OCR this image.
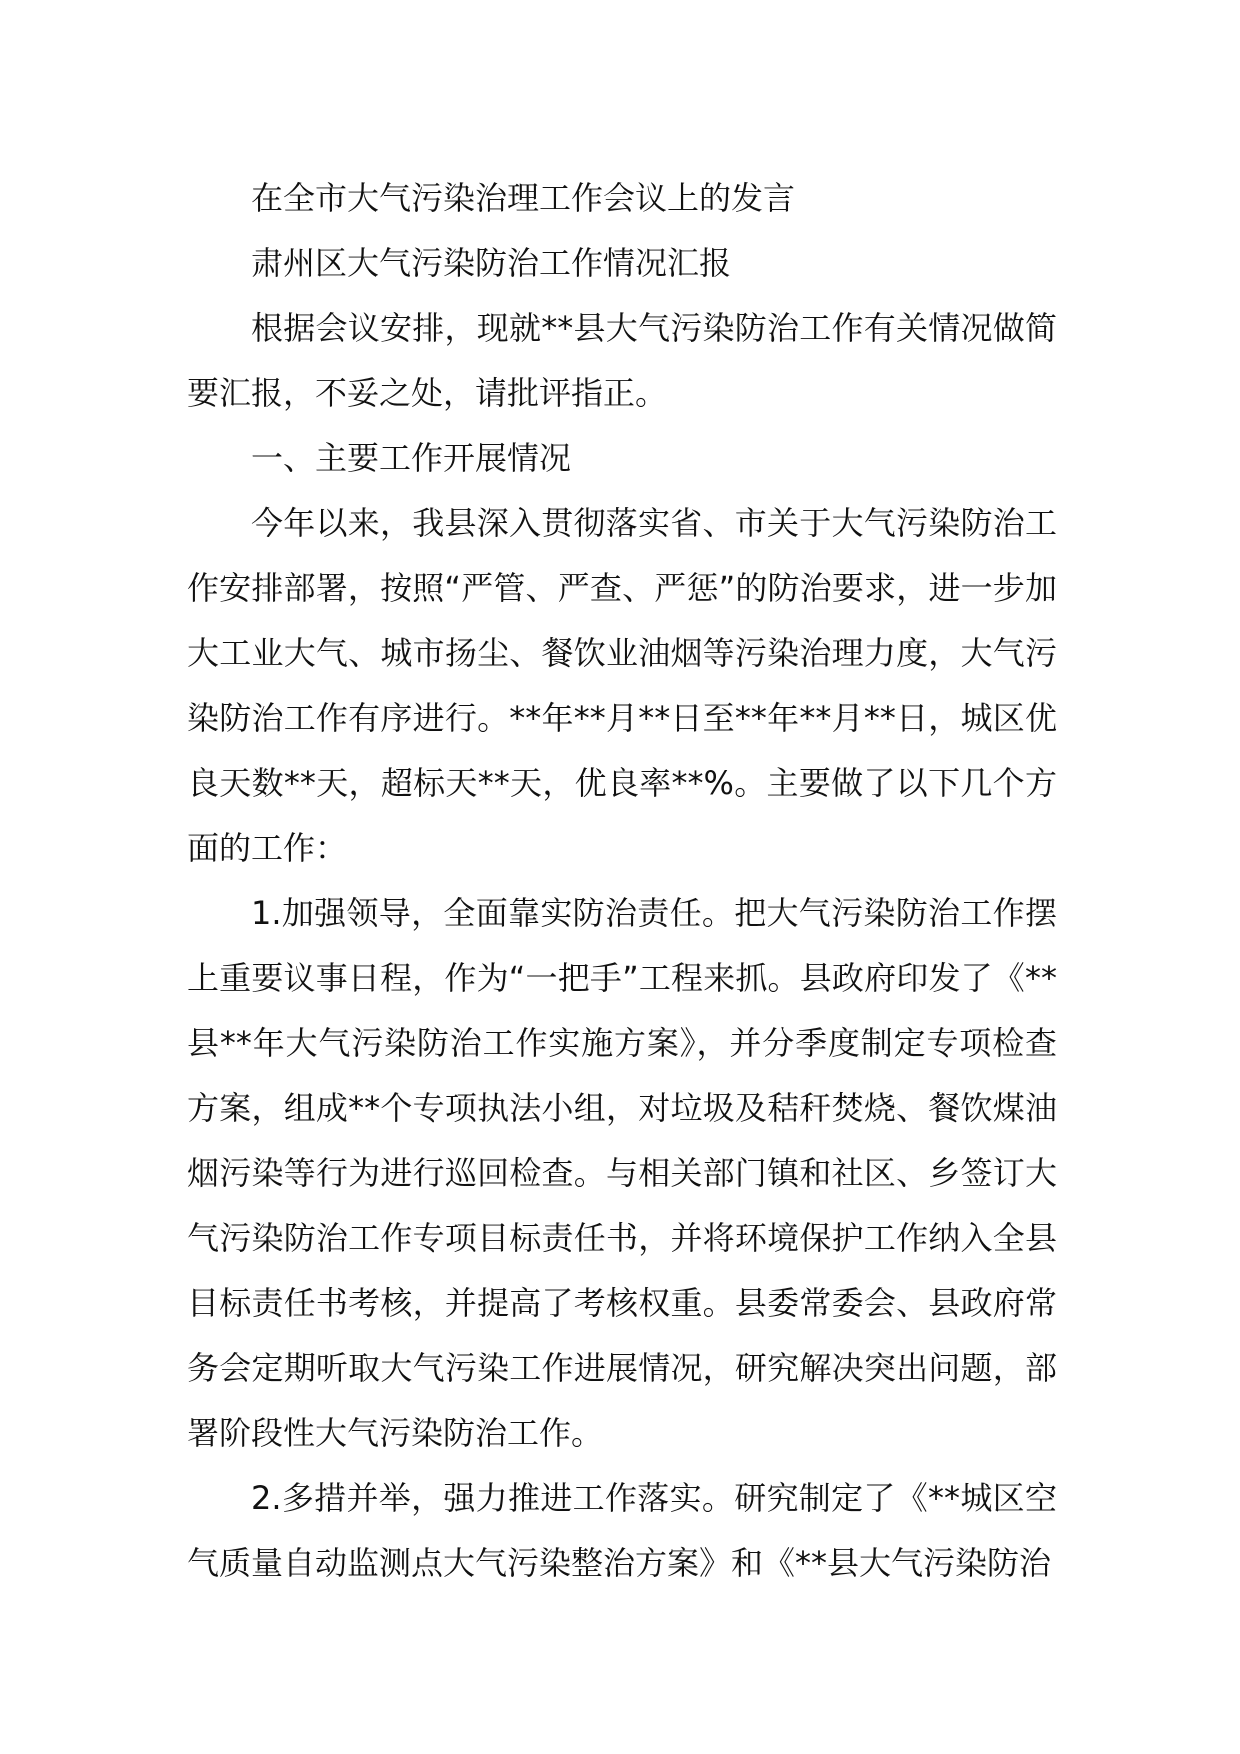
在全市大气污染治理工作会议上的发言

肃州区大气污染防治工作情况汇报

根据会议安排，现就**县大气污染防治工作有关情况做简要汇报，不妥之处，请批评指正。

一、主要工作开展情况

今年以来，我县深入贯彻落实省、市关于大气污染防治工作安排部署，按照“严管、严查、严惩”的防治要求，进一步加大工业大气、城市扬尘、餐饮业油烟等污染治理力度，大气污染防治工作有序进行。**年**月**日至**年**月**日，城区优良天数**天，超标天**天，优良率**%。主要做了以下几个方面的工作：

1.加强领导，全面靠实防治责任。把大气污染防治工作摆上重要议事日程，作为“一把手”工程来抓。县政府印发了《**县**年大气污染防治工作实施方案》，并分季度制定专项检查方案，组成**个专项执法小组，对垃圾及秸秆焚烧、餐饮煤油烟污染等行为进行巡回检查。与相关部门镇和社区、乡签订大气污染防治工作专项目标责任书，并将环境保护工作纳入全县目标责任书考核，并提高了考核权重。县委常委会、县政府常务会定期听取大气污染工作进展情况，研究解决突出问题，部署阶段性大气污染防治工作。

2.多措并举，强力推进工作落实。研究制定了《**城区空气质量自动监测点大气污染整治方案》和《**县大气污染防治
